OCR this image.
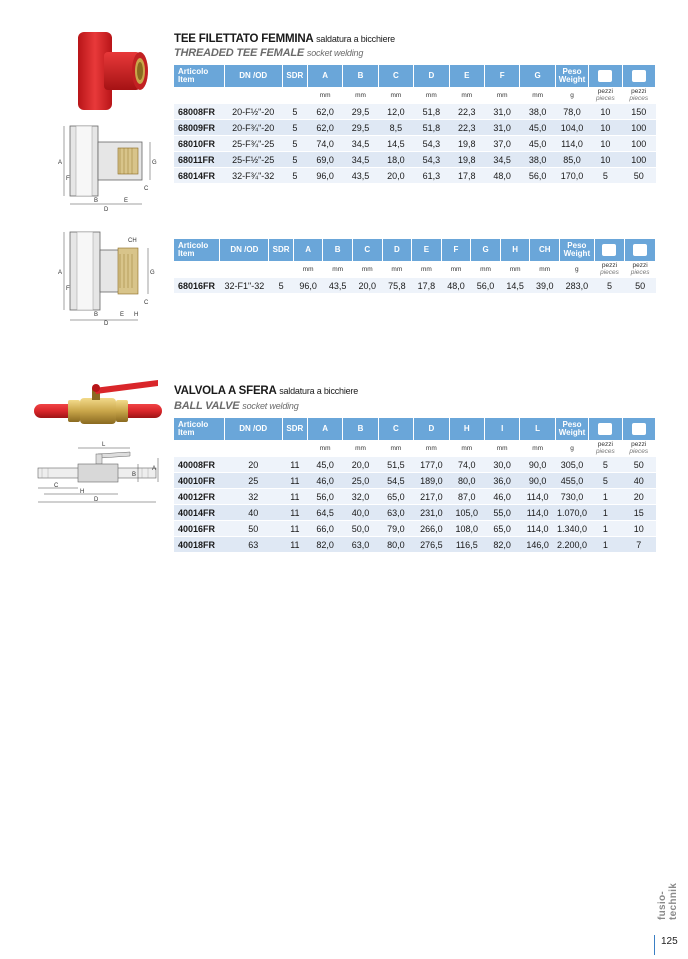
TEE FILETTATO FEMMINA saldatura a bicchiere
THREADED TEE FEMALE socket welding
A
F
B	E
D
G
C
Articolo
Item	DN /OD	SDR	A	B	C	D	E	F	G	Peso
Weight		
			mm	mm	mm	mm	mm	mm	mm	g	pezzi
pieces	pezzi
pieces
68008FR	20-F½"-20	5	62,0	29,5	12,0	51,8	22,3	31,0	38,0	78,0	10	150
68009FR	20-F¾"-20	5	62,0	29,5	8,5	51,8	22,3	31,0	45,0	104,0	10	100
68010FR	25-F¾"-25	5	74,0	34,5	14,5	54,3	19,8	37,0	45,0	114,0	10	100
68011FR	25-F½"-25	5	69,0	34,5	18,0	54,3	19,8	34,5	38,0	85,0	10	100
68014FR	32-F¾"-32	5	96,0	43,5	20,0	61,3	17,8	48,0	56,0	170,0	5	50
A
F
B	E H
D
G
CH
C
Articolo
Item	DN /OD	SDR	A	B	C	D	E	F	G	H	CH	Peso
Weight		
			mm	mm	mm	mm	mm	mm	mm	mm	mm	g	pezzi
pieces	pezzi
pieces
68016FR	32-F1"-32	5	96,0	43,5	20,0	75,8	17,8	48,0	56,0	14,5	39,0	283,0	5	50
VALVOLA A SFERA saldatura a bicchiere
BALL VALVE socket welding
L
B
A
C
H
D
Articolo
Item	DN /OD	SDR	A	B	C	D	H	I	L	Peso
Weight		
			mm	mm	mm	mm	mm	mm	mm	g	pezzi
pieces	pezzi
pieces
40008FR	20	11	45,0	20,0	51,5	177,0	74,0	30,0	90,0	305,0	5	50
40010FR	25	11	46,0	25,0	54,5	189,0	80,0	36,0	90,0	455,0	5	40
40012FR	32	11	56,0	32,0	65,0	217,0	87,0	46,0	114,0	730,0	1	20
40014FR	40	11	64,5	40,0	63,0	231,0	105,0	55,0	114,0	1.070,0	1	15
40016FR	50	11	66,0	50,0	79,0	266,0	108,0	65,0	114,0	1.340,0	1	10
40018FR	63	11	82,0	63,0	80,0	276,5	116,5	82,0	146,0	2.200,0	1	7
fusio-technik
125
